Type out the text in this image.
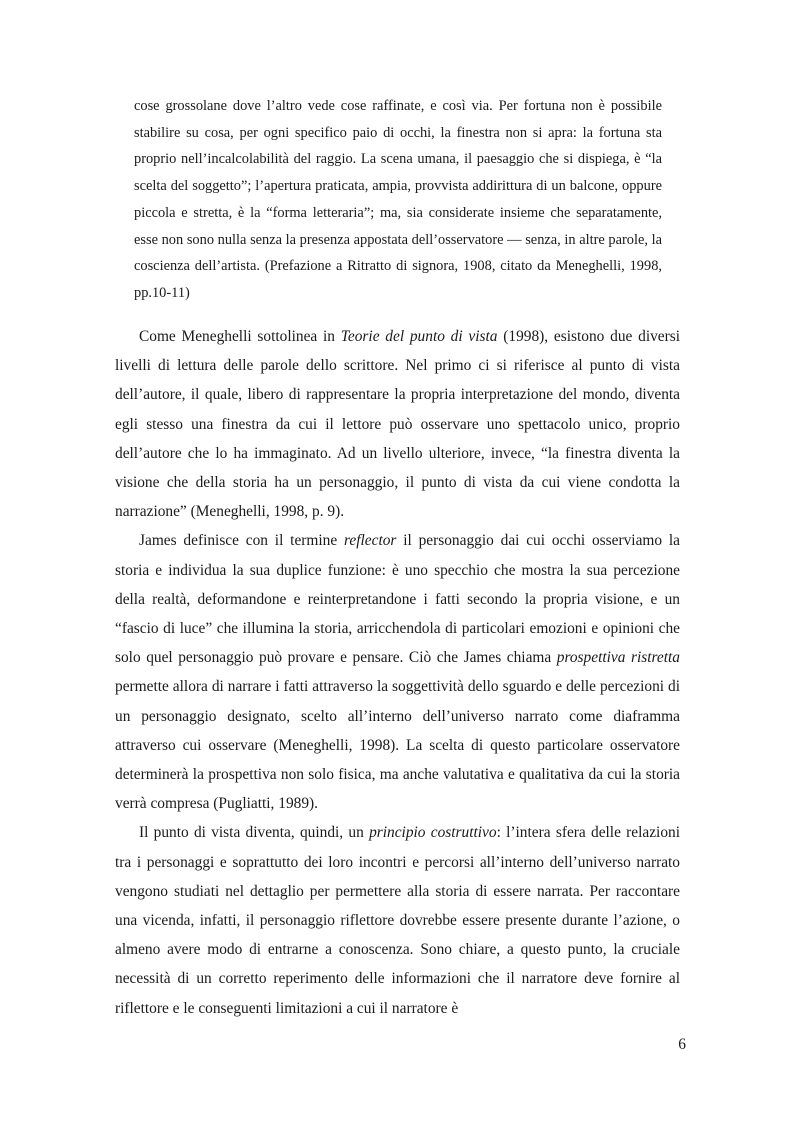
cose grossolane dove l’altro vede cose raffinate, e così via. Per fortuna non è possibile stabilire su cosa, per ogni specifico paio di occhi, la finestra non si apra: la fortuna sta proprio nell’incalcolabilità del raggio. La scena umana, il paesaggio che si dispiega, è “la scelta del soggetto”; l’apertura praticata, ampia, provvista addirittura di un balcone, oppure piccola e stretta, è la “forma letteraria”; ma, sia considerate insieme che separatamente, esse non sono nulla senza la presenza appostata dell’osservatore — senza, in altre parole, la coscienza dell’artista. (Prefazione a Ritratto di signora, 1908, citato da Meneghelli, 1998, pp.10-11)

Come Meneghelli sottolinea in Teorie del punto di vista (1998), esistono due diversi livelli di lettura delle parole dello scrittore. Nel primo ci si riferisce al punto di vista dell’autore, il quale, libero di rappresentare la propria interpretazione del mondo, diventa egli stesso una finestra da cui il lettore può osservare uno spettacolo unico, proprio dell’autore che lo ha immaginato. Ad un livello ulteriore, invece, “la finestra diventa la visione che della storia ha un personaggio, il punto di vista da cui viene condotta la narrazione” (Meneghelli, 1998, p. 9).

James definisce con il termine reflector il personaggio dai cui occhi osserviamo la storia e individua la sua duplice funzione: è uno specchio che mostra la sua percezione della realtà, deformandone e reinterpretandone i fatti secondo la propria visione, e un “fascio di luce” che illumina la storia, arricchendola di particolari emozioni e opinioni che solo quel personaggio può provare e pensare. Ciò che James chiama prospettiva ristretta permette allora di narrare i fatti attraverso la soggettività dello sguardo e delle percezioni di un personaggio designato, scelto all’interno dell’universo narrato come diaframma attraverso cui osservare (Meneghelli, 1998). La scelta di questo particolare osservatore determinerà la prospettiva non solo fisica, ma anche valutativa e qualitativa da cui la storia verrà compresa (Pugliatti, 1989).

Il punto di vista diventa, quindi, un principio costruttivo: l’intera sfera delle relazioni tra i personaggi e soprattutto dei loro incontri e percorsi all’interno dell’universo narrato vengono studiati nel dettaglio per permettere alla storia di essere narrata. Per raccontare una vicenda, infatti, il personaggio riflettore dovrebbe essere presente durante l’azione, o almeno avere modo di entrarne a conoscenza. Sono chiare, a questo punto, la cruciale necessità di un corretto reperimento delle informazioni che il narratore deve fornire al riflettore e le conseguenti limitazioni a cui il narratore è

6
